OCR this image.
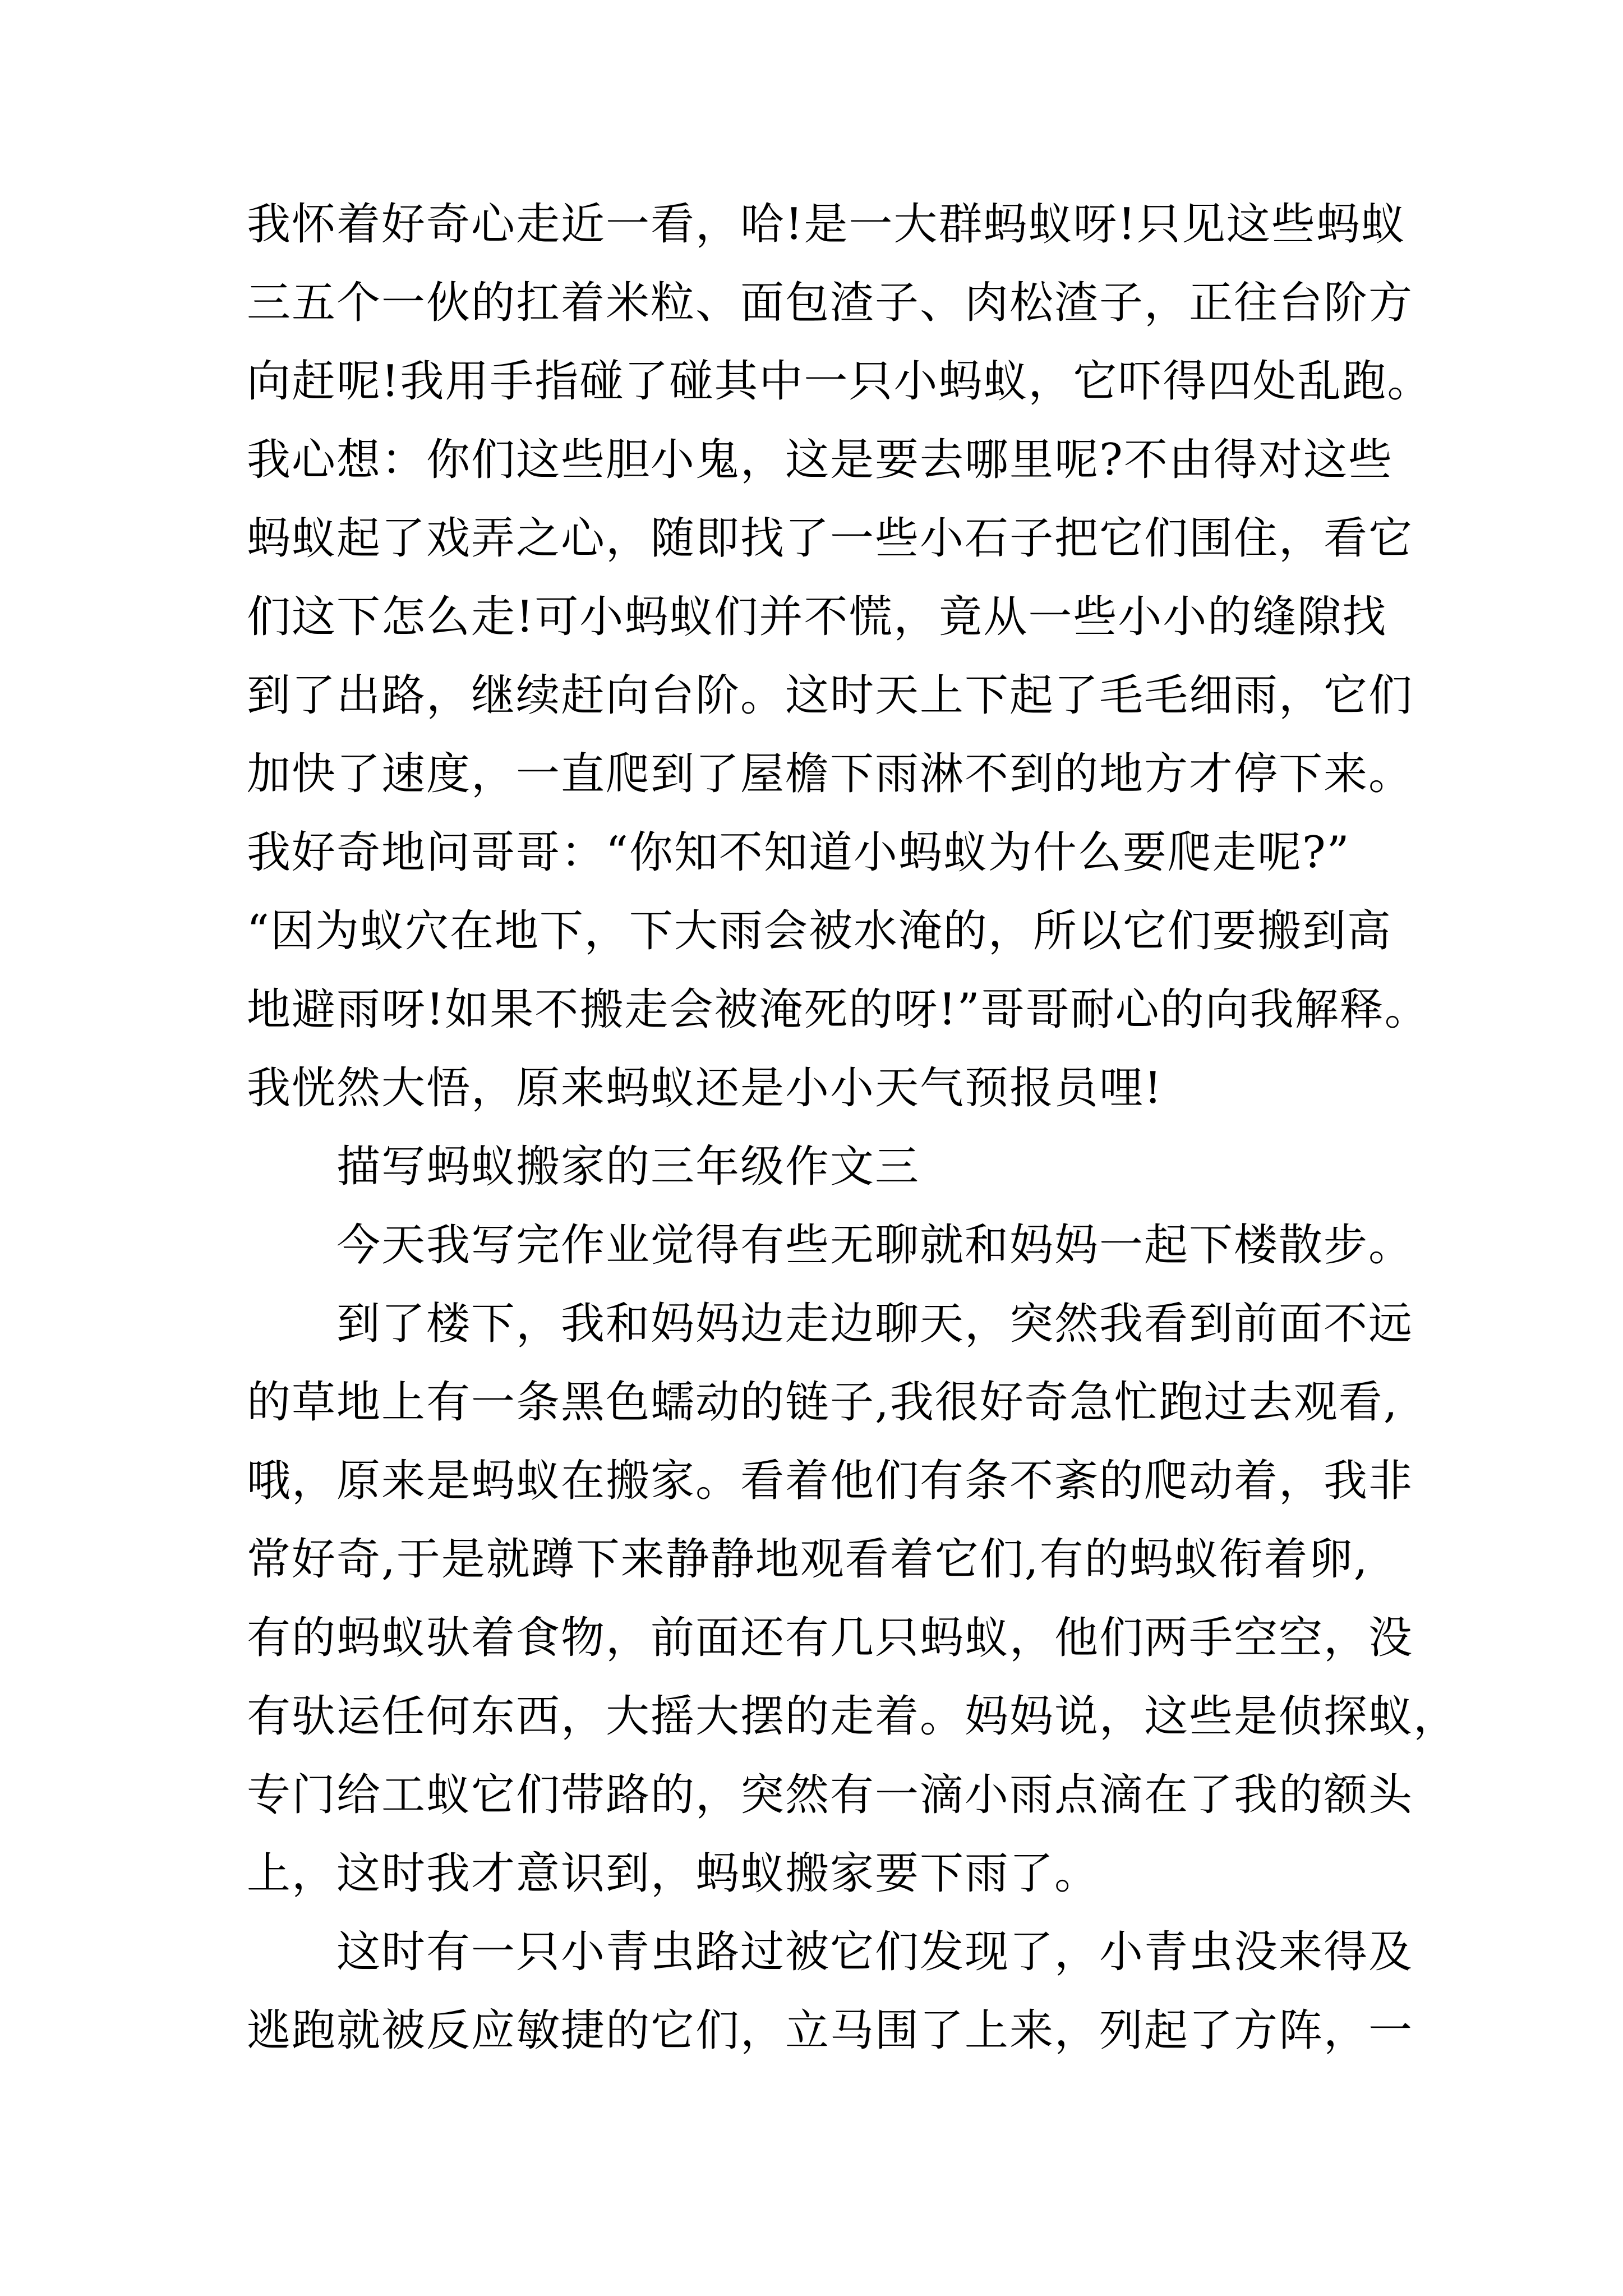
我怀着好奇心走近一看，哈!是一大群蚂蚁呀!只见这些蚂蚁
三五个一伙的扛着米粒、面包渣子、肉松渣子，正往台阶方
向赶呢!我用手指碰了碰其中一只小蚂蚁，它吓得四处乱跑。
我心想：你们这些胆小鬼，这是要去哪里呢?不由得对这些
蚂蚁起了戏弄之心，随即找了一些小石子把它们围住，看它
们这下怎么走!可小蚂蚁们并不慌，竟从一些小小的缝隙找
到了出路，继续赶向台阶。这时天上下起了毛毛细雨，它们
加快了速度，一直爬到了屋檐下雨淋不到的地方才停下来。
我好奇地问哥哥：“你知不知道小蚂蚁为什么要爬走呢?”
“因为蚁穴在地下，下大雨会被水淹的，所以它们要搬到高
地避雨呀!如果不搬走会被淹死的呀!”哥哥耐心的向我解释。
我恍然大悟，原来蚂蚁还是小小天气预报员哩!
描写蚂蚁搬家的三年级作文三
今天我写完作业觉得有些无聊就和妈妈一起下楼散步。
到了楼下，我和妈妈边走边聊天，突然我看到前面不远
的草地上有一条黑色蠕动的链子,我很好奇急忙跑过去观看,
哦，原来是蚂蚁在搬家。看着他们有条不紊的爬动着，我非
常好奇,于是就蹲下来静静地观看着它们,有的蚂蚁衔着卵,
有的蚂蚁驮着食物，前面还有几只蚂蚁，他们两手空空，没
有驮运任何东西，大摇大摆的走着。妈妈说，这些是侦探蚁，
专门给工蚁它们带路的，突然有一滴小雨点滴在了我的额头
上，这时我才意识到，蚂蚁搬家要下雨了。
这时有一只小青虫路过被它们发现了，小青虫没来得及
逃跑就被反应敏捷的它们，立马围了上来，列起了方阵，一
